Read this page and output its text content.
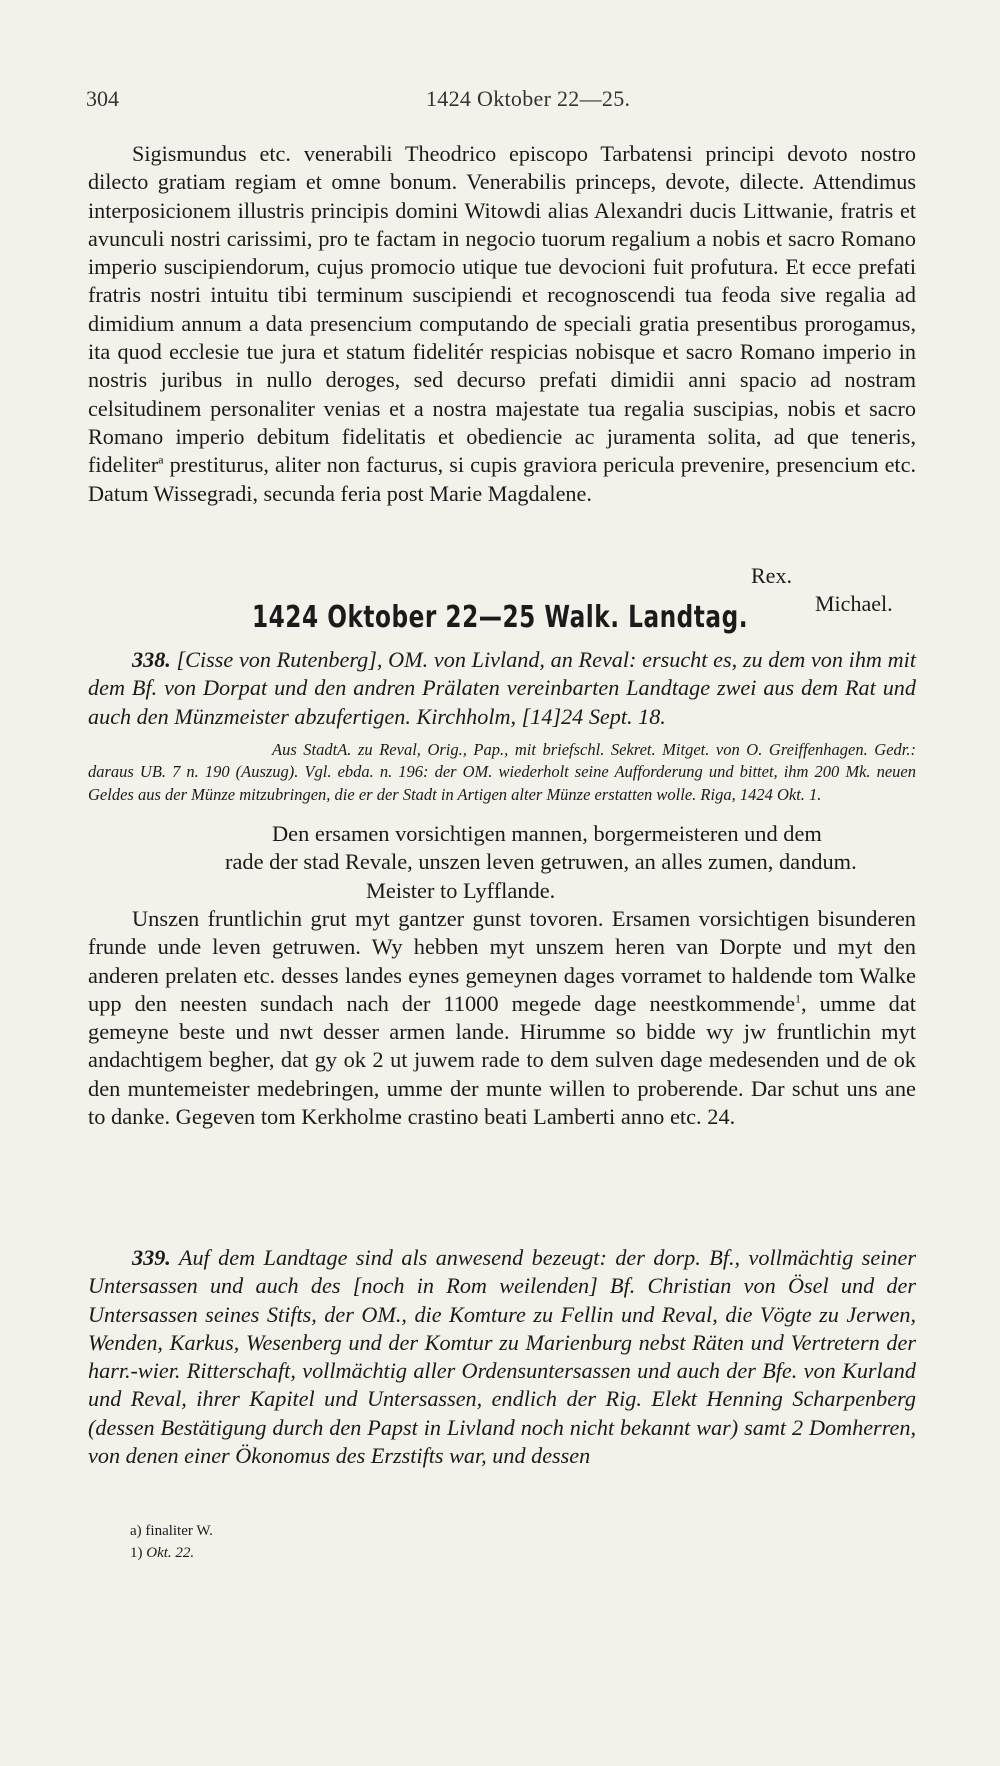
304	1424 Oktober 22—25.

Sigismundus etc. venerabili Theodrico episcopo Tarbatensi principi devoto nostro dilecto gratiam regiam et omne bonum. Venerabilis princeps, devote, dilecte. Attendimus interposicionem illustris principis domini Witowdi alias Alexandri ducis Littwanie, fratris et avunculi nostri carissimi, pro te factam in negocio tuorum regalium a nobis et sacro Romano imperio suscipiendorum, cujus promocio utique tue devocioni fuit profutura. Et ecce prefati fratris nostri intuitu tibi terminum suscipiendi et recognoscendi tua feoda sive regalia ad dimidium annum a data presencium computando de speciali gratia presentibus prorogamus, ita quod ecclesie tue jura et statum fidelitér respicias nobisque et sacro Romano imperio in nostris juribus in nullo deroges, sed decurso prefati dimidii anni spacio ad nostram celsitudinem personaliter venias et a nostra majestate tua regalia suscipias, nobis et sacro Romano imperio debitum fidelitatis et obediencie ac juramenta solita, ad que teneris, fideliter$^a$ prestiturus, aliter non facturus, si cupis graviora pericula prevenire, presencium etc. Datum Wissegradi, secunda feria post Marie Magdalene.

Rex.
Michael.
1424 Oktober 22—25 Walk. Landtag.

338. [Cisse von Rutenberg], OM. von Livland, an Reval: ersucht es, zu dem von ihm mit dem Bf. von Dorpat und den andren Prälaten vereinbarten Landtage zwei aus dem Rat und auch den Münzmeister abzufertigen. Kirchholm, [14]24 Sept. 18.

Aus StadtA. zu Reval, Orig., Pap., mit briefschl. Sekret. Mitget. von O. Greiffenhagen. Gedr.: daraus UB. 7 n. 190 (Auszug). Vgl. ebda. n. 196: der OM. wiederholt seine Aufforderung und bittet, ihm 200 Mk. neuen Geldes aus der Münze mitzubringen, die er der Stadt in Artigen alter Münze erstatten wolle. Riga, 1424 Okt. 1.

Den ersamen vorsichtigen mannen, borgermeisteren und dem

rade der stad Revale, unszen leven getruwen, an alles zumen, dandum.

Meister to Lyfflande.

Unszen fruntlichin grut myt gantzer gunst tovoren. Ersamen vorsichtigen bisunderen frunde unde leven getruwen. Wy hebben myt unszem heren van Dorpte und myt den anderen prelaten etc. desses landes eynes gemeynen dages vorramet to haldende tom Walke upp den neesten sundach nach der 11000 megede dage neestkommende$^1$, umme dat gemeyne beste und nwt desser armen lande. Hirumme so bidde wy jw fruntlichin myt andachtigem begher, dat gy ok 2 ut juwem rade to dem sulven dage medesenden und de ok den muntemeister medebringen, umme der munte willen to proberende. Dar schut uns ane to danke. Gegeven tom Kerkholme crastino beati Lamberti anno etc. 24.

339. Auf dem Landtage sind als anwesend bezeugt: der dorp. Bf., vollmächtig seiner Untersassen und auch des [noch in Rom weilenden] Bf. Christian von Ösel und der Untersassen seines Stifts, der OM., die Komture zu Fellin und Reval, die Vögte zu Jerwen, Wenden, Karkus, Wesenberg und der Komtur zu Marienburg nebst Räten und Vertretern der harr.-wier. Ritterschaft, vollmächtig aller Ordensuntersassen und auch der Bfe. von Kurland und Reval, ihrer Kapitel und Untersassen, endlich der Rig. Elekt Henning Scharpenberg (dessen Bestätigung durch den Papst in Livland noch nicht bekannt war) samt 2 Domherren, von denen einer Ökonomus des Erzstifts war, und dessen

a) finaliter W.
1) Okt. 22.
